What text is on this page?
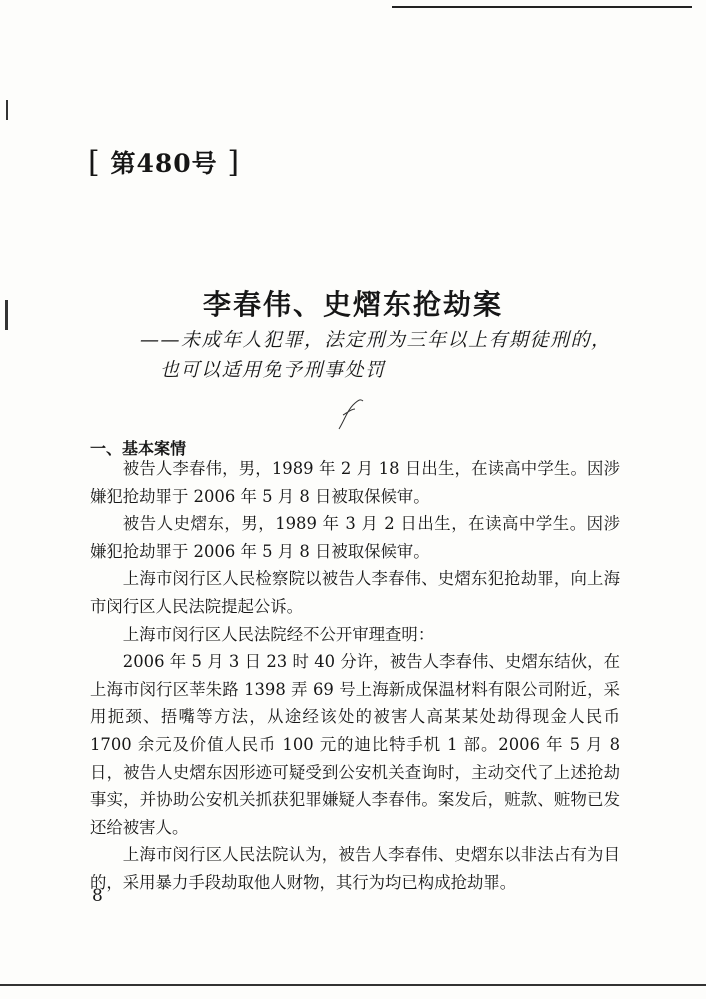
[ 第480号 ]
李春伟、史熠东抢劫案
——未成年人犯罪，法定刑为三年以上有期徒刑的，
也可以适用免予刑事处罚
一、基本案情

被告人李春伟，男，1989 年 2 月 18 日出生，在读高中学生。因涉嫌犯抢劫罪于 2006 年 5 月 8 日被取保候审。

被告人史熠东，男，1989 年 3 月 2 日出生，在读高中学生。因涉嫌犯抢劫罪于 2006 年 5 月 8 日被取保候审。

上海市闵行区人民检察院以被告人李春伟、史熠东犯抢劫罪，向上海市闵行区人民法院提起公诉。

上海市闵行区人民法院经不公开审理查明：

2006 年 5 月 3 日 23 时 40 分许，被告人李春伟、史熠东结伙，在上海市闵行区莘朱路 1398 弄 69 号上海新成保温材料有限公司附近，采用扼颈、捂嘴等方法，从途经该处的被害人高某某处劫得现金人民币 1700 余元及价值人民币 100 元的迪比特手机 1 部。2006 年 5 月 8 日，被告人史熠东因形迹可疑受到公安机关查询时，主动交代了上述抢劫事实，并协助公安机关抓获犯罪嫌疑人李春伟。案发后，赃款、赃物已发还给被害人。

上海市闵行区人民法院认为，被告人李春伟、史熠东以非法占有为目的，采用暴力手段劫取他人财物，其行为均已构成抢劫罪。

8
